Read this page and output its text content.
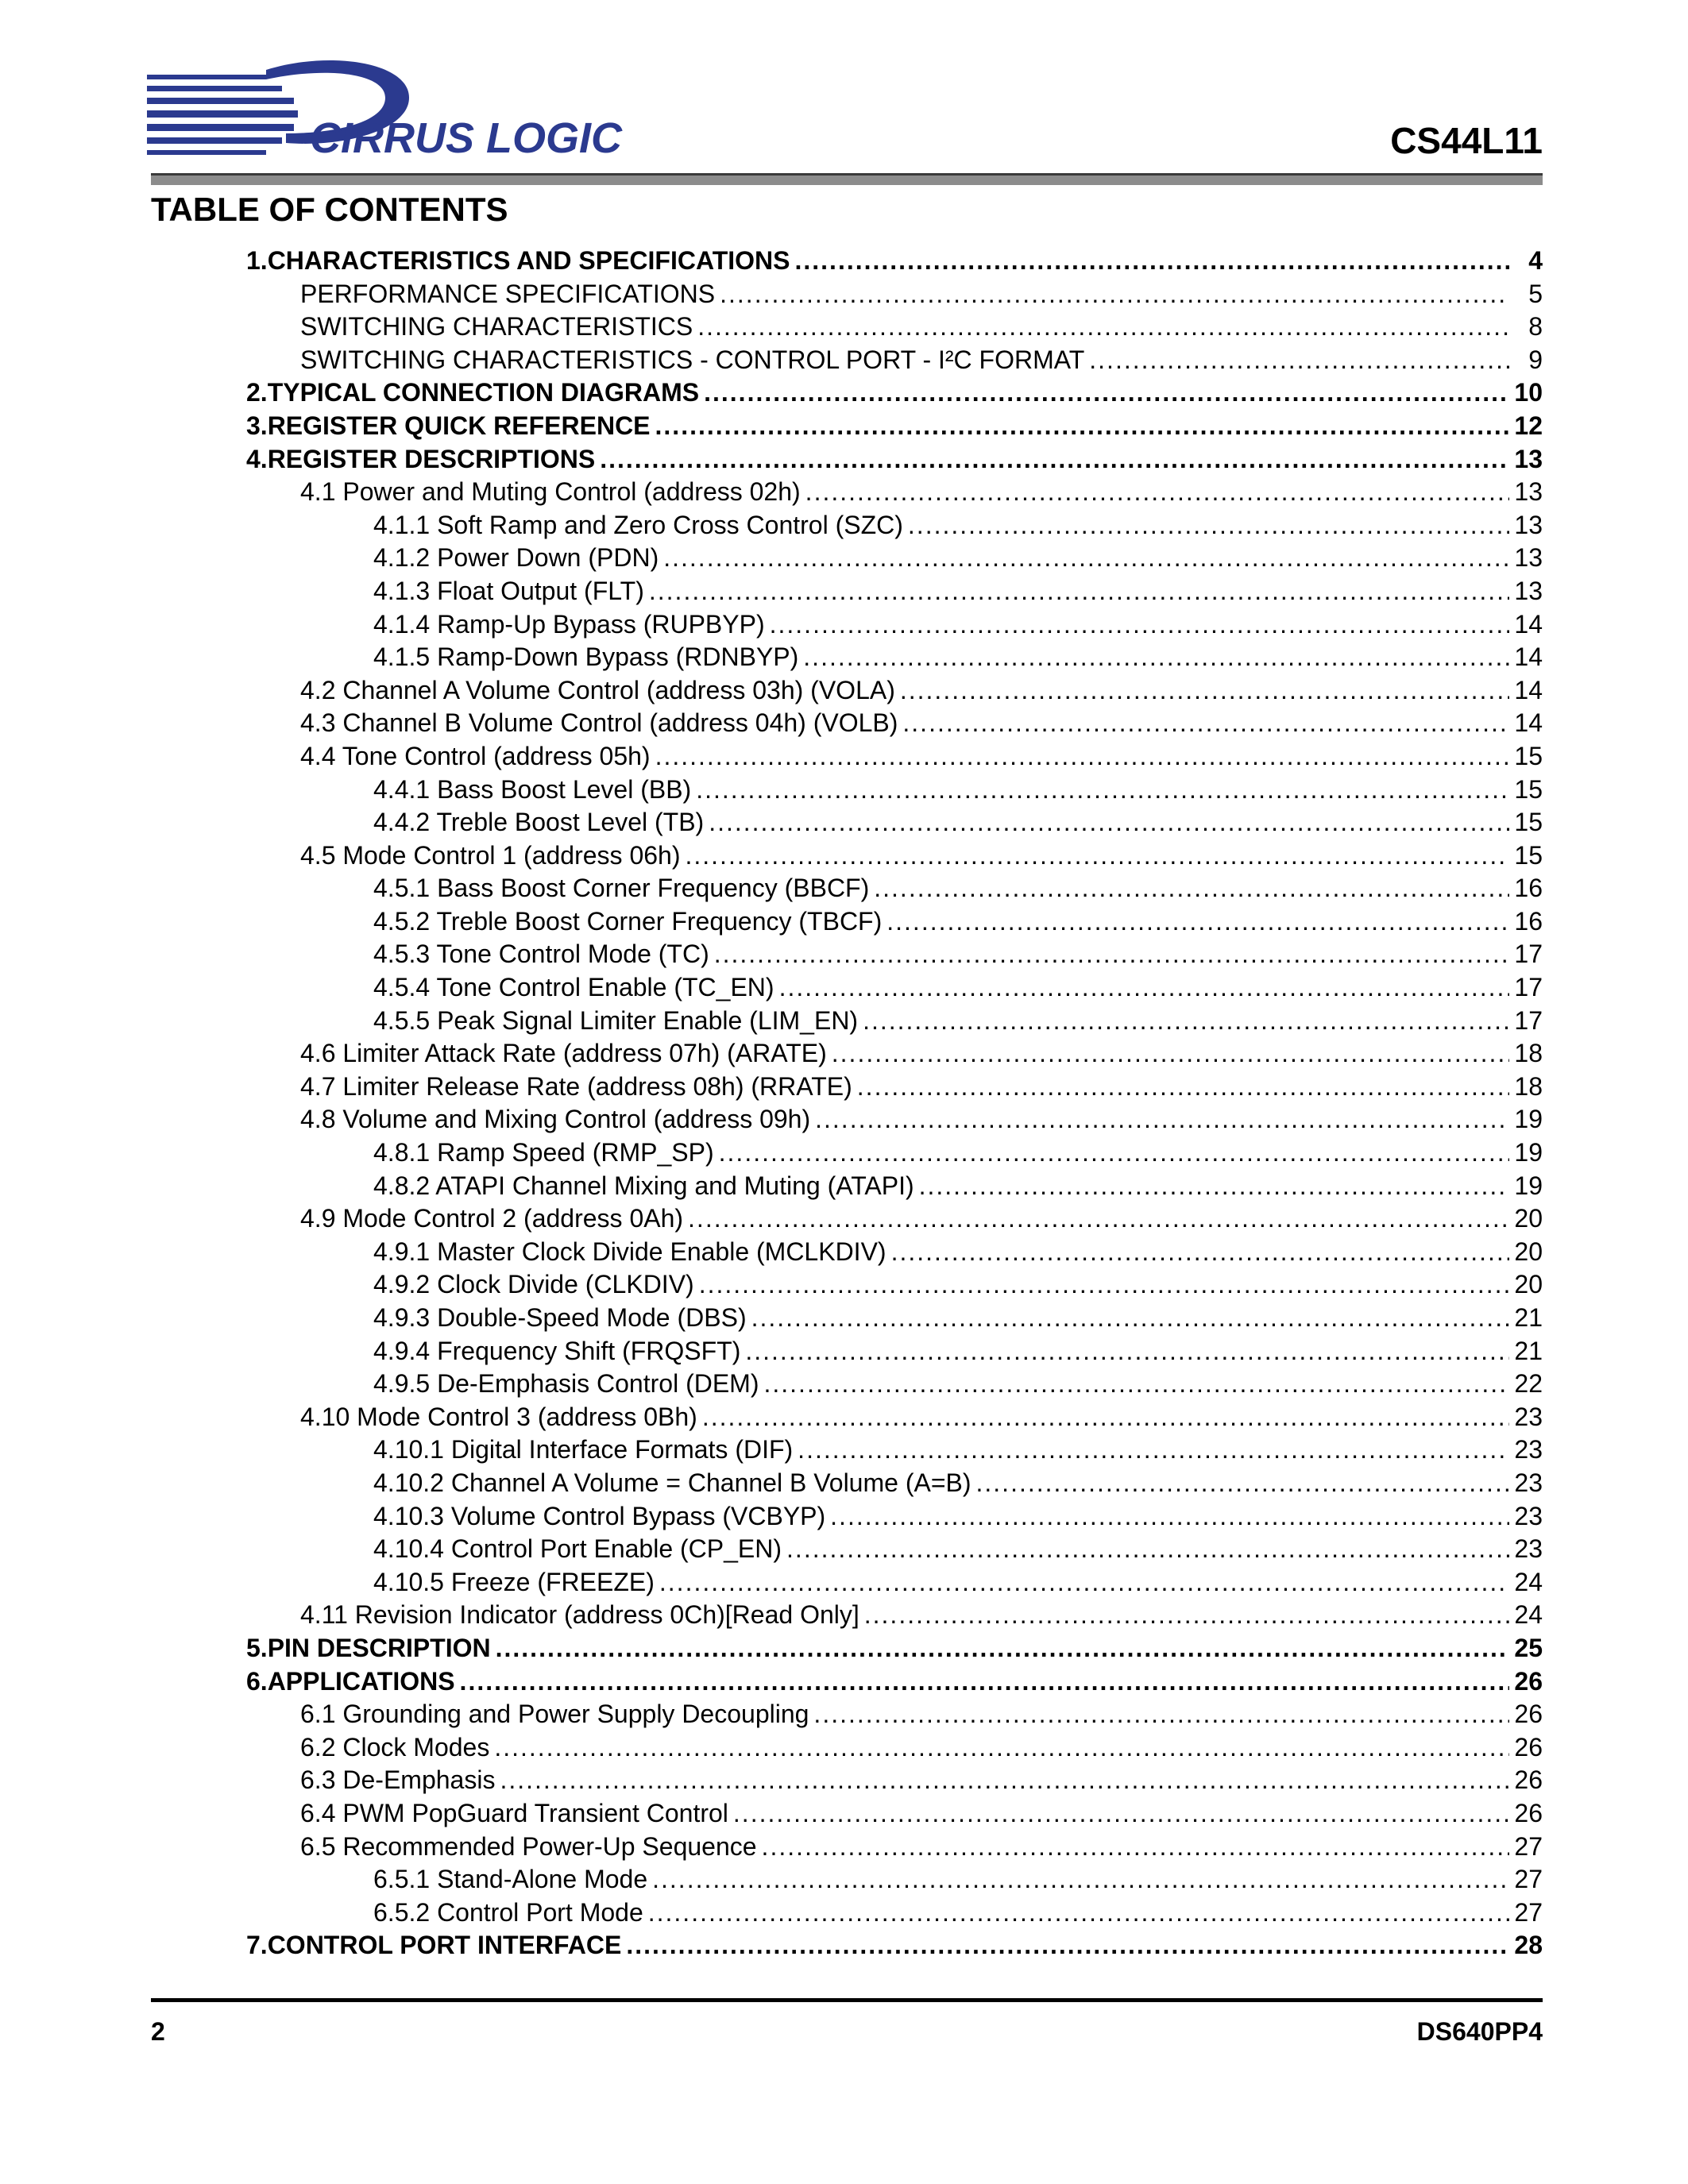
CIRRUS LOGIC	CS44L11
TABLE OF CONTENTS
1. CHARACTERISTICS AND SPECIFICATIONS .....	4
PERFORMANCE SPECIFICATIONS .....	5
SWITCHING CHARACTERISTICS .....	8
SWITCHING CHARACTERISTICS - CONTROL PORT - I²C FORMAT .....	9
2. TYPICAL CONNECTION DIAGRAMS .....	10
3. REGISTER QUICK REFERENCE .....	12
4. REGISTER DESCRIPTIONS .....	13
4.1 Power and Muting Control (address 02h) .....	13
4.1.1 Soft Ramp and Zero Cross Control (SZC) .....	13
4.1.2 Power Down (PDN) .....	13
4.1.3 Float Output (FLT) .....	13
4.1.4 Ramp-Up Bypass (RUPBYP) .....	14
4.1.5 Ramp-Down Bypass (RDNBYP) .....	14
4.2 Channel A Volume Control (address 03h) (VOLA) .....	14
4.3 Channel B Volume Control (address 04h) (VOLB) .....	14
4.4 Tone Control (address 05h) .....	15
4.4.1 Bass Boost Level (BB) .....	15
4.4.2 Treble Boost Level (TB) .....	15
4.5 Mode Control 1 (address 06h) .....	15
4.5.1 Bass Boost Corner Frequency (BBCF) .....	16
4.5.2 Treble Boost Corner Frequency (TBCF) .....	16
4.5.3 Tone Control Mode (TC) .....	17
4.5.4 Tone Control Enable (TC_EN) .....	17
4.5.5 Peak Signal Limiter Enable (LIM_EN) .....	17
4.6 Limiter Attack Rate (address 07h) (ARATE) .....	18
4.7 Limiter Release Rate (address 08h) (RRATE) .....	18
4.8 Volume and Mixing Control (address 09h) .....	19
4.8.1 Ramp Speed (RMP_SP) .....	19
4.8.2 ATAPI Channel Mixing and Muting (ATAPI) .....	19
4.9 Mode Control 2 (address 0Ah) .....	20
4.9.1 Master Clock Divide Enable (MCLKDIV) .....	20
4.9.2 Clock Divide (CLKDIV) .....	20
4.9.3 Double-Speed Mode (DBS) .....	21
4.9.4 Frequency Shift (FRQSFT) .....	21
4.9.5 De-Emphasis Control (DEM) .....	22
4.10 Mode Control 3 (address 0Bh) .....	23
4.10.1 Digital Interface Formats (DIF) .....	23
4.10.2 Channel A Volume = Channel B Volume (A=B) .....	23
4.10.3 Volume Control Bypass (VCBYP) .....	23
4.10.4 Control Port Enable (CP_EN) .....	23
4.10.5 Freeze (FREEZE) .....	24
4.11 Revision Indicator (address 0Ch)[Read Only] .....	24
5. PIN DESCRIPTION .....	25
6. APPLICATIONS .....	26
6.1 Grounding and Power Supply Decoupling .....	26
6.2 Clock Modes .....	26
6.3 De-Emphasis .....	26
6.4 PWM PopGuard Transient Control .....	26
6.5 Recommended Power-Up Sequence .....	27
6.5.1 Stand-Alone Mode .....	27
6.5.2 Control Port Mode .....	27
7. CONTROL PORT INTERFACE .....	28
2	DS640PP4
